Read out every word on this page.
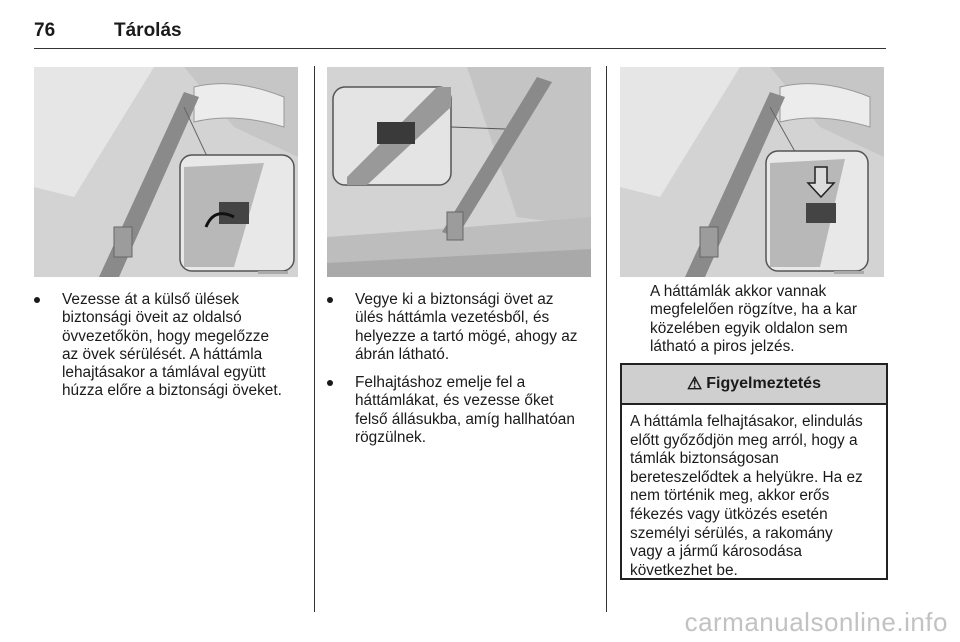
76	Tárolás
Vezesse át a külső ülések
biztonsági öveit az oldalsó
övvezetőkön, hogy megelőzze
az övek sérülését. A háttámla
lehajtásakor a támlával együtt
húzza előre a biztonsági öveket.
Vegye ki a biztonsági övet az
ülés háttámla vezetésből, és
helyezze a tartó mögé, ahogy az
ábrán látható.
Felhajtáshoz emelje fel a
háttámlákat, és vezesse őket
felső állásukba, amíg hallhatóan
rögzülnek.
A háttámlák akkor vannak
megfelelően rögzítve, ha a kar
közelében egyik oldalon sem
látható a piros jelzés.
⚠ Figyelmeztetés
A háttámla felhajtásakor, elindulás
előtt győződjön meg arról, hogy a
támlák biztonságosan
bereteszelődtek a helyükre. Ha ez
nem történik meg, akkor erős
fékezés vagy ütközés esetén
személyi sérülés, a rakomány
vagy a jármű károsodása
következhet be.
carmanualsonline.info
